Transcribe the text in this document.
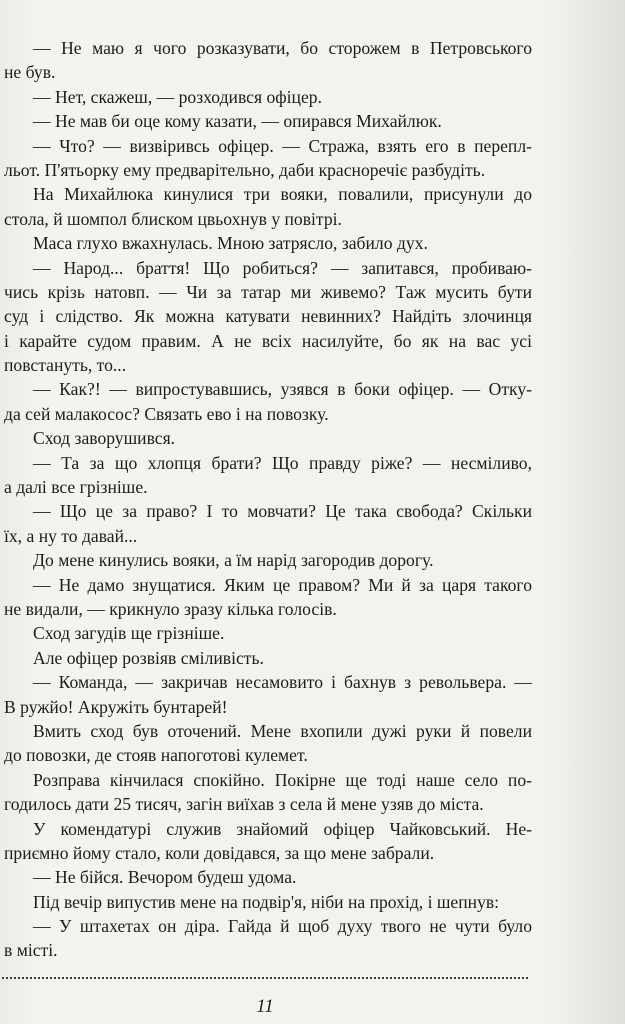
— Не маю я чого розказувати, бо сторожем в Петровського
не був.
— Нет, скажеш, — розходився офіцер.
— Не мав би оце кому казати, — опирався Михайлюк.
— Что? — визвіривсь офіцер. — Стража, взять его в перепл-
льот. П'ятьорку ему предварітельно, даби красноречіє разбудіть.
На Михайлюка кинулися три вояки, повалили, присунули до
стола, й шомпол блиском цвьохнув у повітрі.
Маса глухо вжахнулась. Мною затрясло, забило дух.
— Народ... браття! Що робиться? — запитався, пробиваю-
чись крізь натовп. — Чи за татар ми живемо? Таж мусить бути
суд і слідство. Як можна катувати невинних? Найдіть злочинця
і карайте судом правим. А не всіх насилуйте, бо як на вас усі
повстануть, то...
— Как?! — випростувавшись, узявся в боки офіцер. — Отку-
да сей малакосос? Связать ево і на повозку.
Сход заворушився.
— Та за що хлопця брати? Що правду ріже? — несміливо,
а далі все грізніше.
— Що це за право? І то мовчати? Це така свобода? Скільки
їх, а ну то давай...
До мене кинулись вояки, а їм нарід загородив дорогу.
— Не дамо знущатися. Яким це правом? Ми й за царя такого
не видали, — крикнуло зразу кілька голосів.
Сход загудів ще грізніше.
Але офіцер розвіяв сміливість.
— Команда, — закричав несамовито і бахнув з револьвера. —
В ружйо! Акружіть бунтарей!
Вмить сход був оточений. Мене вхопили дужі руки й повели
до повозки, де стояв напоготові кулемет.
Розправа кінчилася спокійно. Покірне ще тоді наше село по-
годилось дати 25 тисяч, загін виїхав з села й мене узяв до міста.
У комендатурі служив знайомий офіцер Чайковський. Не-
приємно йому стало, коли довідався, за що мене забрали.
— Не бійся. Вечором будеш удома.
Під вечір випустив мене на подвір'я, ніби на прохід, і шепнув:
— У штахетах он діра. Гайда й щоб духу твого не чути було
в місті.
11
